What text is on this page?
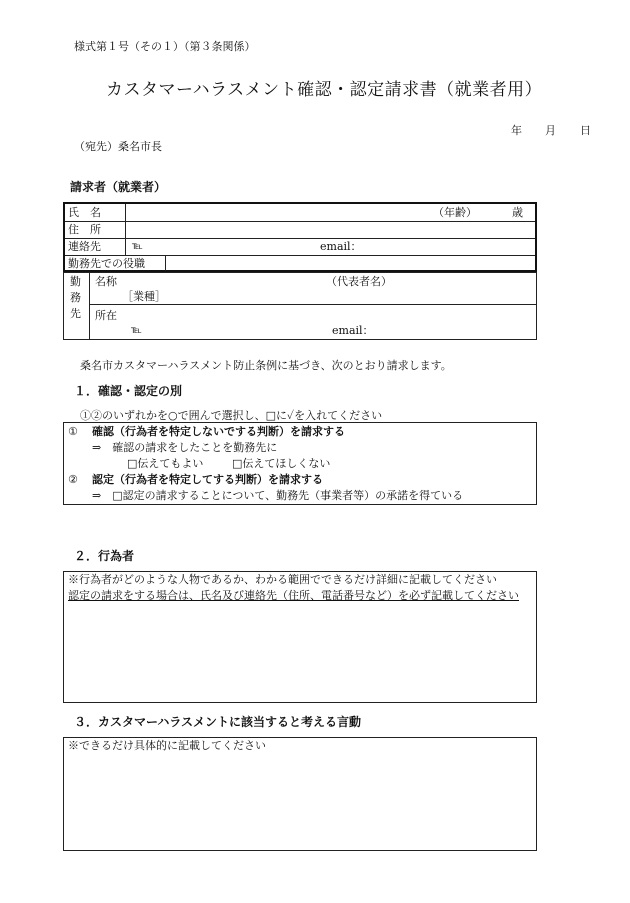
様式第１号（その１）（第３条関係）
カスタマーハラスメント確認・認定請求書（就業者用）
年 月 日
（宛先）桑名市長
請求者（就業者）
氏　名	（年齢）	歳
住　所
連絡先	℡	email：
勤務先での役職
勤
務
先
名称	（代表者名）
［業種］
所在
℡	email：
桑名市カスタマーハラスメント防止条例に基づき、次のとおり請求します。
１．確認・認定の別
①②のいずれかを○で囲んで選択し、□に✓を入れてください
① 確認（行為者を特定しないでする判断）を請求する
⇒　確認の請求をしたことを勤務先に
□伝えてもよい	□伝えてほしくない
② 認定（行為者を特定してする判断）を請求する
⇒　□認定の請求することについて、勤務先（事業者等）の承諾を得ている
２．行為者
※行為者がどのような人物であるか、わかる範囲でできるだけ詳細に記載してください
認定の請求をする場合は、氏名及び連絡先（住所、電話番号など）を必ず記載してください
３．カスタマーハラスメントに該当すると考える言動
※できるだけ具体的に記載してください
